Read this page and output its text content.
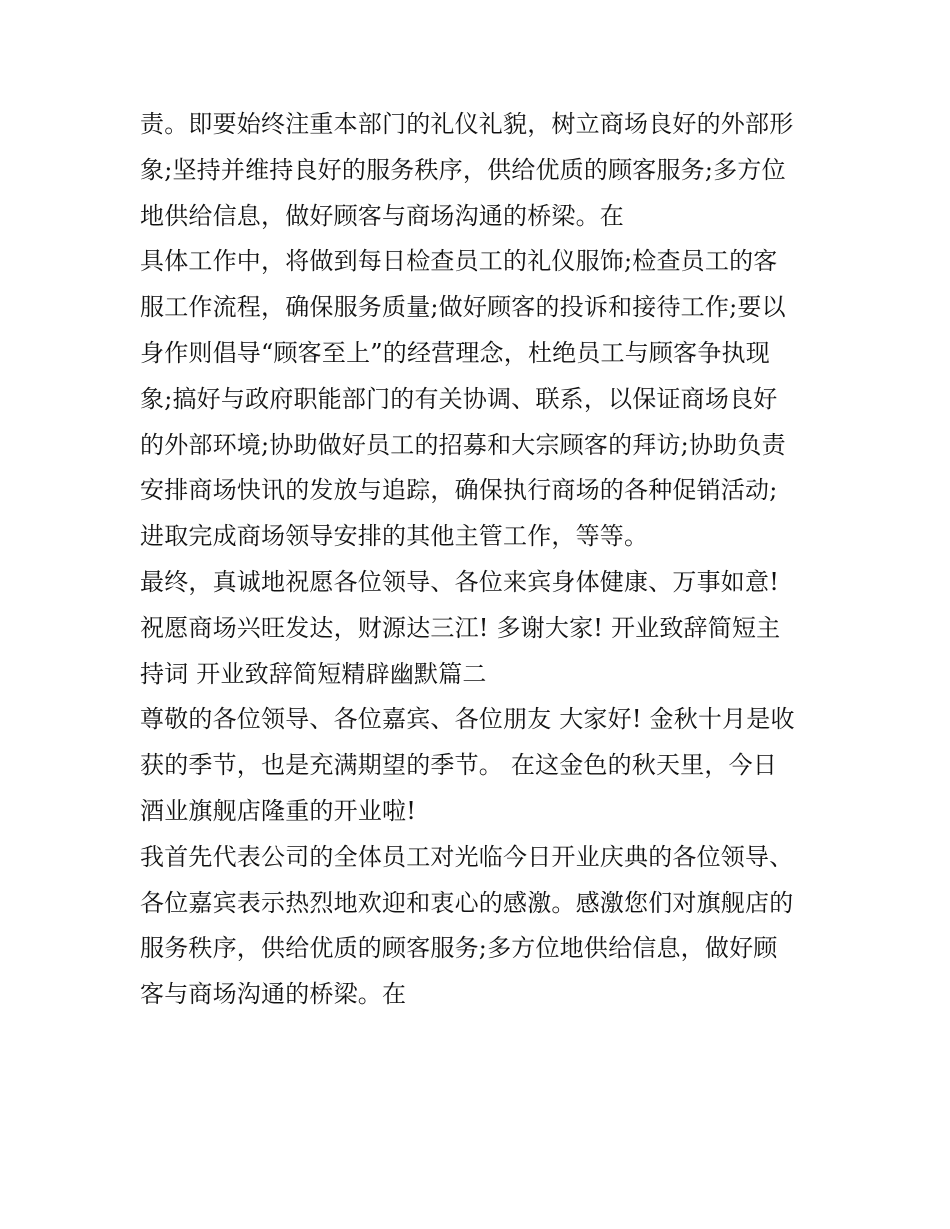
责。即要始终注重本部门的礼仪礼貌，树立商场良好的外部形
象;坚持并维持良好的服务秩序，供给优质的顾客服务;多方位
地供给信息，做好顾客与商场沟通的桥梁。在
具体工作中，将做到每日检查员工的礼仪服饰;检查员工的客
服工作流程，确保服务质量;做好顾客的投诉和接待工作;要以
身作则倡导“顾客至上”的经营理念，杜绝员工与顾客争执现
象;搞好与政府职能部门的有关协调、联系，以保证商场良好
的外部环境;协助做好员工的招募和大宗顾客的拜访;协助负责
安排商场快讯的发放与追踪，确保执行商场的各种促销活动;
进取完成商场领导安排的其他主管工作，等等。
最终，真诚地祝愿各位领导、各位来宾身体健康、万事如意!
祝愿商场兴旺发达，财源达三江! 多谢大家! 开业致辞简短主
持词 开业致辞简短精辟幽默篇二
尊敬的各位领导、各位嘉宾、各位朋友 大家好! 金秋十月是收
获的季节，也是充满期望的季节。 在这金色的秋天里，今日
酒业旗舰店隆重的开业啦!
我首先代表公司的全体员工对光临今日开业庆典的各位领导、
各位嘉宾表示热烈地欢迎和衷心的感激。感激您们对旗舰店的
服务秩序，供给优质的顾客服务;多方位地供给信息，做好顾
客与商场沟通的桥梁。在
